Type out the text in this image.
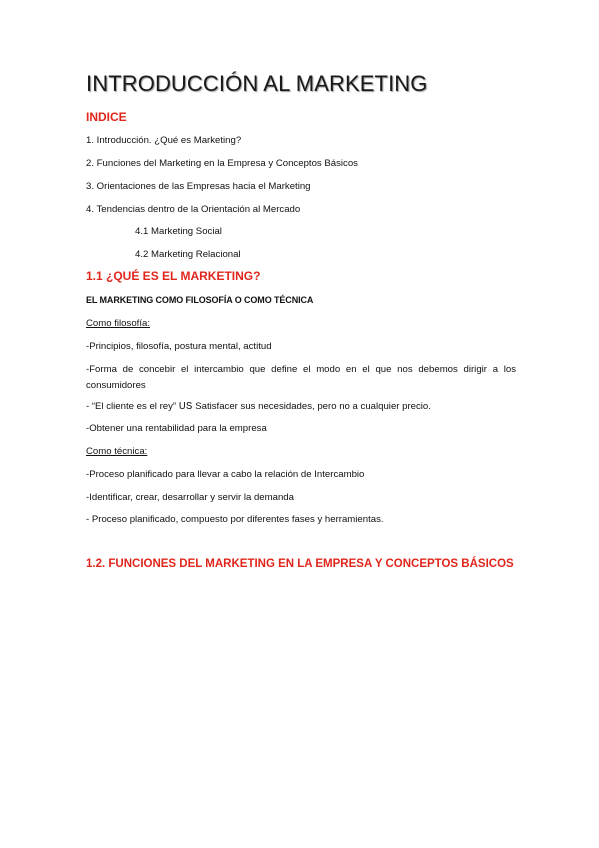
INTRODUCCIÓN AL MARKETING
INDICE
1. Introducción. ¿Qué es Marketing?
2. Funciones del Marketing en la Empresa y Conceptos Básicos
3. Orientaciones de las Empresas hacia el Marketing
4. Tendencias dentro de la Orientación al Mercado
4.1 Marketing Social
4.2 Marketing Relacional
1.1 ¿QUÉ ES EL MARKETING?
EL MARKETING COMO FILOSOFÍA O COMO TÉCNICA
Como filosofía:
-Principios, filosofía, postura mental, actitud
-Forma de concebir el intercambio que define el modo en el que nos debemos dirigir a los consumidores
- “El cliente es el rey” ՍՏ Satisfacer sus necesidades, pero no a cualquier precio.
-Obtener una rentabilidad para la empresa
Como técnica:
-Proceso planificado para llevar a cabo la relación de Intercambio
-Identificar, crear, desarrollar y servir la demanda
- Proceso planificado, compuesto por diferentes fases y herramientas.
1.2. FUNCIONES DEL MARKETING EN LA EMPRESA Y CONCEPTOS BÁSICOS
